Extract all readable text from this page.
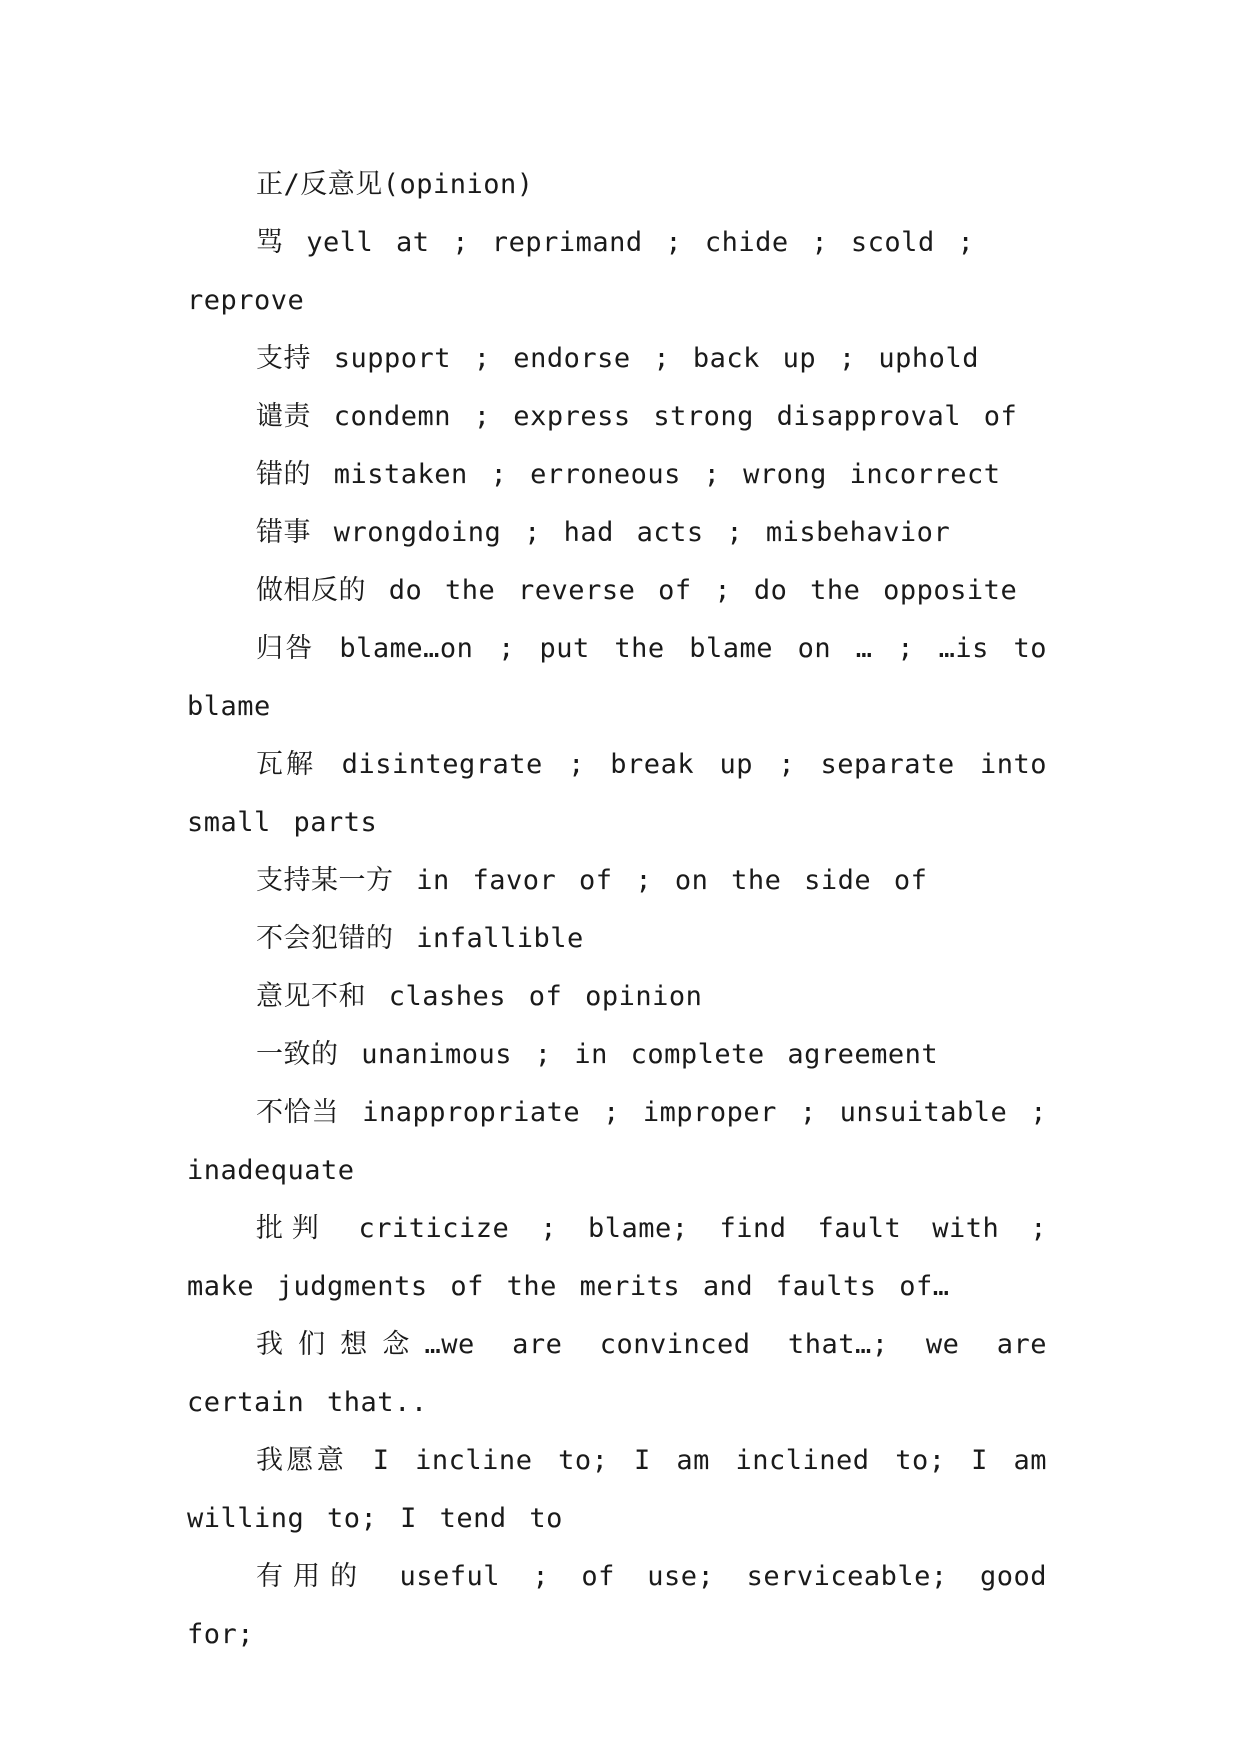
正/反意见(opinion)

骂 yell at ; reprimand ; chide ; scold ; reprove

支持 support ; endorse ; back up ; uphold

谴责 condemn ; express strong disapproval of

错的 mistaken ; erroneous ; wrong incorrect

错事 wrongdoing ; had acts ; misbehavior

做相反的 do the reverse of ; do the opposite

归咎 blame…on ; put the blame on … ; …is to blame

瓦解 disintegrate ; break up ; separate into small parts

支持某一方 in favor of ; on the side of

不会犯错的 infallible

意见不和 clashes of opinion

一致的 unanimous ; in complete agreement

不恰当 inappropriate ; improper ; unsuitable ; inadequate

批判 criticize ; blame; find fault with ; make judgments of the merits and faults of…

我们想念…we are convinced that…; we are certain that..

我愿意 I incline to; I am inclined to; I am willing to; I tend to

有用的 useful ; of use; serviceable; good for;
